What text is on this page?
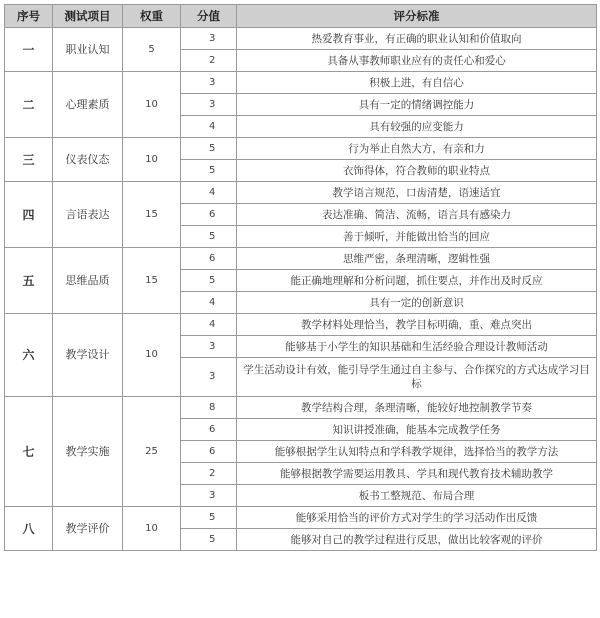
序号	测试项目	权重	分值	评分标准
一	职业认知	5	3	热爱教育事业，有正确的职业认知和价值取向
			2	具备从事教师职业应有的责任心和爱心
二	心理素质	10	3	积极上进，有自信心
			3	具有一定的情绪调控能力
			4	具有较强的应变能力
三	仪表仪态	10	5	行为举止自然大方，有亲和力
			5	衣饰得体，符合教师的职业特点
四	言语表达	15	4	教学语言规范，口齿清楚，语速适宜
			6	表达准确、简洁、流畅，语言具有感染力
			5	善于倾听，并能做出恰当的回应
五	思维品质	15	6	思维严密，条理清晰，逻辑性强
			5	能正确地理解和分析问题，抓住要点，并作出及时反应
			4	具有一定的创新意识
六	教学设计	10	4	教学材料处理恰当，教学目标明确，重、难点突出
			3	能够基于小学生的知识基础和生活经验合理设计教师活动
			3	学生活动设计有效，能引导学生通过自主参与、合作探究的方式达成学习目标
七	教学实施	25	8	教学结构合理，条理清晰，能较好地控制教学节奏
			6	知识讲授准确，能基本完成教学任务
			6	能够根据学生认知特点和学科教学规律，选择恰当的教学方法
			2	能够根据教学需要运用教具、学具和现代教育技术辅助教学
			3	板书工整规范、布局合理
八	教学评价	10	5	能够采用恰当的评价方式对学生的学习活动作出反馈
			5	能够对自己的教学过程进行反思，做出比较客观的评价
